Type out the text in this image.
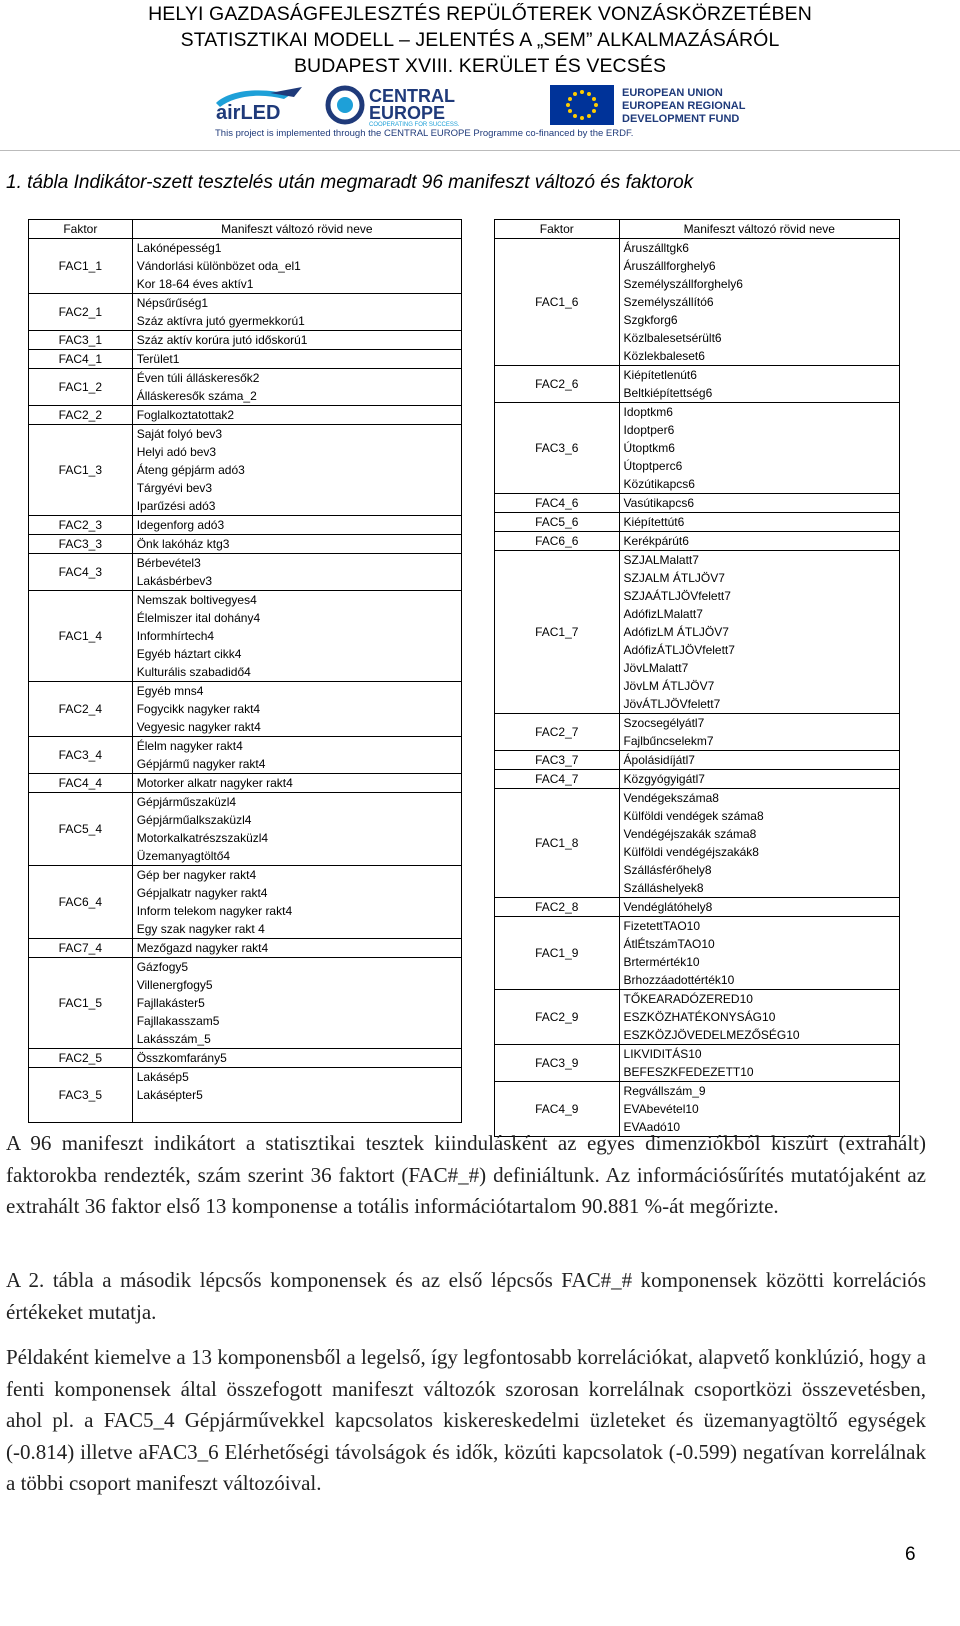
HELYI GAZDASÁGFEJLESZTÉS REPÜLŐTEREK VONZÁSKÖRZETÉBEN
STATISZTIKAI MODELL – JELENTÉS A „SEM” ALKALMAZÁSÁRÓL
BUDAPEST XVIII. KERÜLET ÉS VECSÉS
airLED
CENTRAL
EUROPE
COOPERATING FOR SUCCESS.
EUROPEAN UNION
EUROPEAN REGIONAL
DEVELOPMENT FUND
This project is implemented through the CENTRAL EUROPE Programme co-financed by the ERDF.
1. tábla Indikátor-szett tesztelés után megmaradt 96 manifeszt változó és faktorok
Faktor	Manifeszt változó rövid neve
FAC1_1	Lakónépesség1
	Vándorlási különbözet oda_el1
	Kor 18-64 éves aktív1
FAC2_1	Népsűrűség1
	Száz aktívra jutó gyermekkorú1
FAC3_1	Száz aktív korúra jutó időskorú1
FAC4_1	Terület1
FAC1_2	Éven túli álláskeresők2
	Álláskeresők száma_2
FAC2_2	Foglalkoztatottak2
FAC1_3	Saját folyó bev3
	Helyi adó bev3
	Áteng gépjárm adó3
	Tárgyévi bev3
	Iparűzési adó3
FAC2_3	Idegenforg adó3
FAC3_3	Önk lakóház ktg3
FAC4_3	Bérbevétel3
	Lakásbérbev3
FAC1_4	Nemszak boltivegyes4
	Élelmiszer ital dohány4
	Informhírtech4
	Egyéb háztart cikk4
	Kulturális szabadidő4
FAC2_4	Egyéb mns4
	Fogycikk nagyker rakt4
	Vegyesic nagyker rakt4
FAC3_4	Élelm nagyker rakt4
	Gépjármű nagyker rakt4
FAC4_4	Motorker alkatr nagyker rakt4
FAC5_4	Gépjárműszaküzl4
	Gépjárműalkszaküzl4
	Motorkalkatrészszaküzl4
	Üzemanyagtöltő4
FAC6_4	Gép ber nagyker rakt4
	Gépjalkatr nagyker rakt4
	Inform telekom nagyker rakt4
	Egy szak nagyker rakt 4
FAC7_4	Mezőgazd nagyker rakt4
FAC1_5	Gázfogy5
	Villenergfogy5
	Fajllakáster5
	Fajllakasszam5
	Lakásszám_5
FAC2_5	Összkomfarány5
FAC3_5	Lakásép5
	Lakásépter5

Faktor	Manifeszt változó rövid neve
FAC1_6	Áruszálltgk6
	Áruszállforghely6
	Személyszállforghely6
	Személyszállító6
	Szgkforg6
	Közlbalesetsérült6
	Közlekbaleset6
FAC2_6	Kiépítetlenút6
	Beltkiépítettség6
FAC3_6	Idoptkm6
	Idoptper6
	Útoptkm6
	Útoptperc6
	Közútikapcs6
FAC4_6	Vasútikapcs6
FAC5_6	Kiépítettút6
FAC6_6	Kerékpárút6
FAC1_7	SZJALMalatt7
	SZJALM ÁTLJÖV7
	SZJAÁTLJÖVfelett7
	AdófizLMalatt7
	AdófizLM ÁTLJÖV7
	AdófizÁTLJÖVfelett7
	JövLMalatt7
	JövLM ÁTLJÖV7
	JövÁTLJÖVfelett7
FAC2_7	Szocsegélyátl7
	Fajlbűncselekm7
FAC3_7	Ápolásidíjátl7
FAC4_7	Közgyógyigátl7
FAC1_8	Vendégekszáma8
	Külföldi vendégek száma8
	Vendégéjszakák száma8
	Külföldi vendégéjszakák8
	Szállásférőhely8
	Szálláshelyek8
FAC2_8	Vendéglátóhely8
FAC1_9	FizetettTAO10
	ÁtlÉtszámTAO10
	Brtermérték10
	Brhozzáadottérték10
FAC2_9	TŐKEARADÓZERED10
	ESZKÖZHATÉKONYSÁG10
	ESZKÖZJÖVEDELMEZŐSÉG10
FAC3_9	LIKVIDITÁS10
	BEFESZKFEDEZETT10
FAC4_9	Regvállszám_9
	EVAbevétel10
	EVAadó10
A 96 manifeszt indikátort a statisztikai tesztek kiindulásként az egyes dimenziókból kiszűrt (extrahált) faktorokba rendezték, szám szerint 36 faktort (FAC#_#) definiáltunk. Az információsűrítés mutatójaként az extrahált 36 faktor első 13 komponense a totális információtartalom 90.881 %-át megőrizte.
A 2. tábla a második lépcsős komponensek és az első lépcsős FAC#_# komponensek közötti korrelációs értékeket mutatja.
Példaként kiemelve a 13 komponensből a legelső, így legfontosabb korrelációkat, alapvető konklúzió, hogy a fenti komponensek által összefogott manifeszt változók szorosan korrelálnak csoportközi összevetésben, ahol pl. a FAC5_4 Gépjárművekkel kapcsolatos kiskereskedelmi üzleteket és üzemanyagtöltő egységek (-0.814) illetve aFAC3_6 Elérhetőségi távolságok és idők, közúti kapcsolatok (-0.599) negatívan korrelálnak a többi csoport manifeszt változóival.
6
